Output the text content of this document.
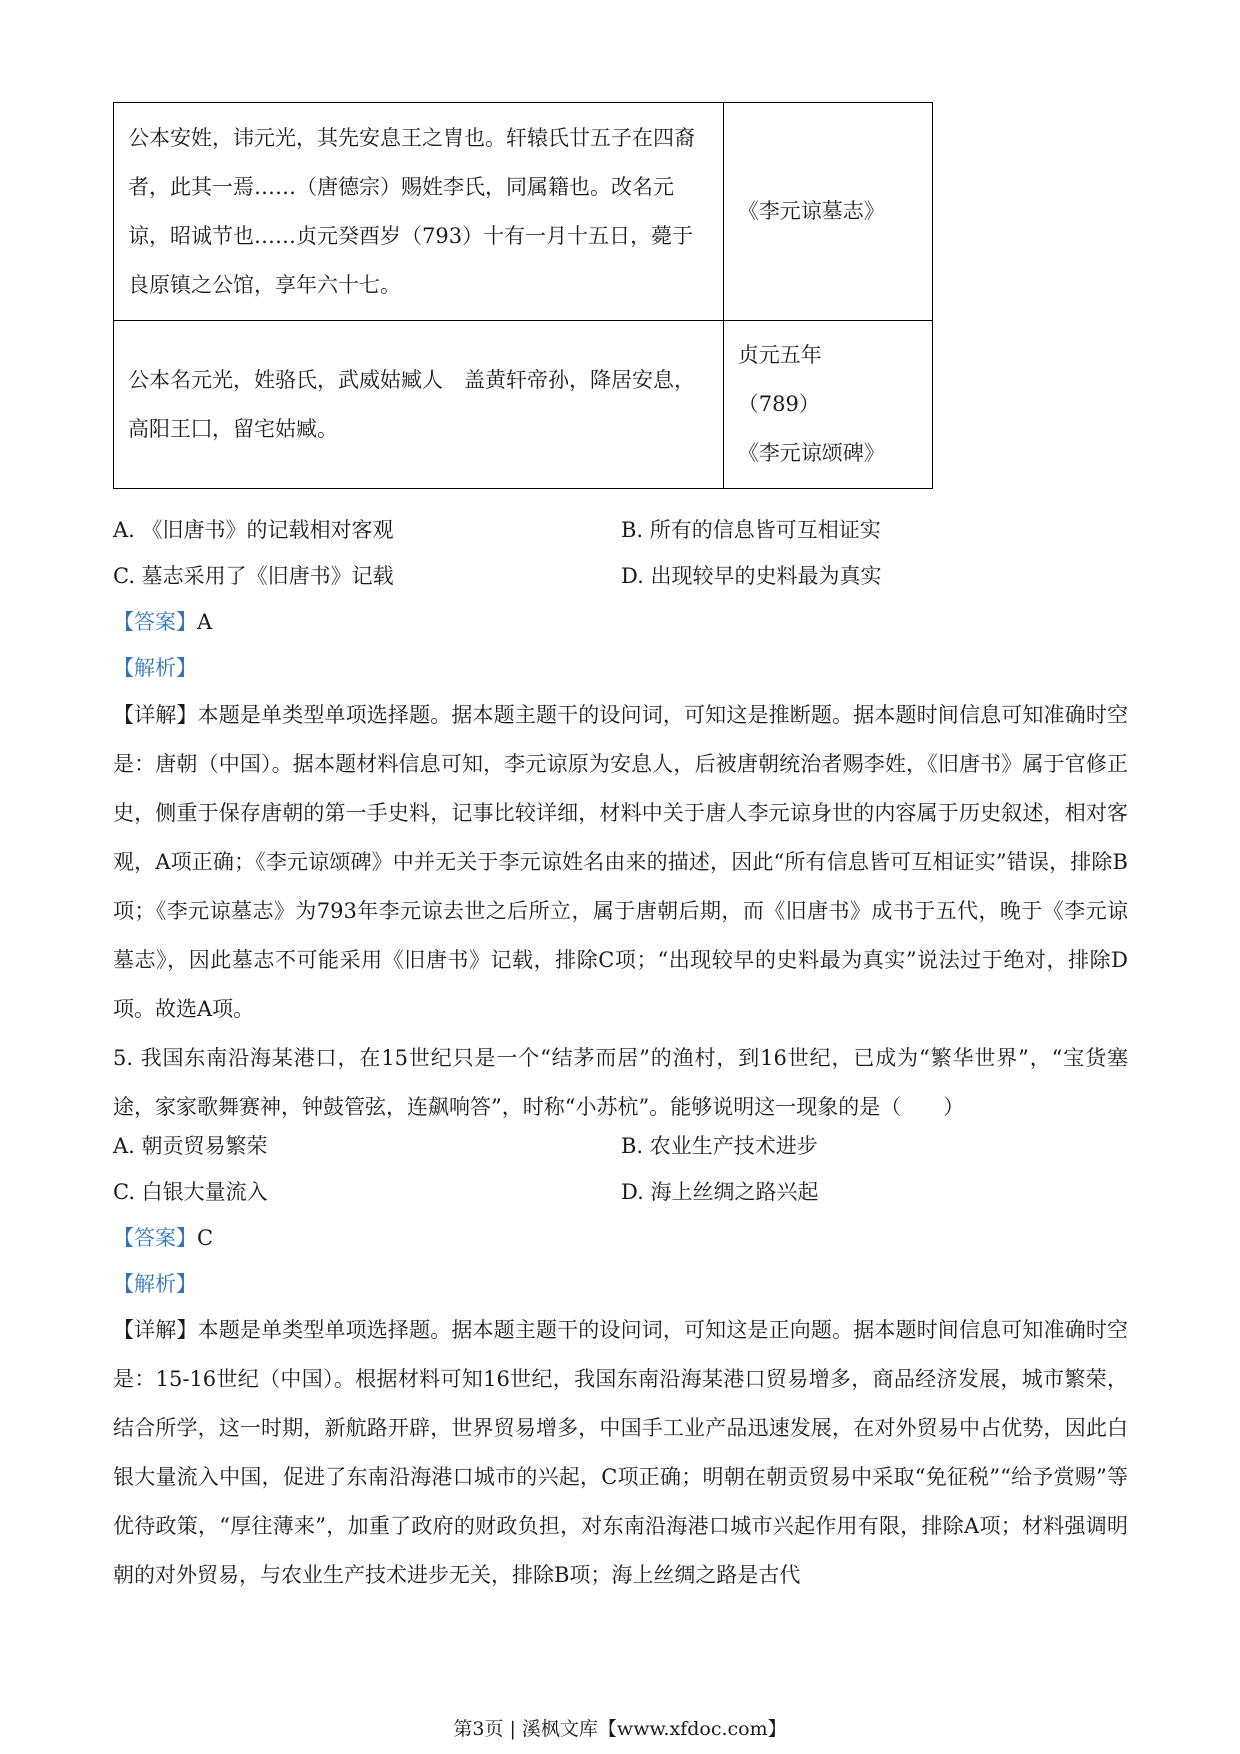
公本安姓，讳元光，其先安息王之胄也。轩辕氏廿五子在四裔者，此其一焉……（唐德宗）赐姓李氏，同属籍也。改名元谅，昭诚节也……贞元癸酉岁（793）十有一月十五日，薨于良原镇之公馆，享年六十七。	《李元谅墓志》

公本名元光，姓骆氏，武威姑臧人　盖黄轩帝孙，降居安息，高阳王囗，留宅姑臧。	贞元五年
（789）
《李元谅颂碑》
A. 《旧唐书》的记载相对客观	B. 所有的信息皆可互相证实
C. 墓志采用了《旧唐书》记载	D. 出现较早的史料最为真实
【答案】A
【解析】
【详解】本题是单类型单项选择题。据本题主题干的设问词，可知这是推断题。据本题时间信息可知准确时空是：唐朝（中国）。据本题材料信息可知，李元谅原为安息人，后被唐朝统治者赐李姓，《旧唐书》属于官修正史，侧重于保存唐朝的第一手史料，记事比较详细，材料中关于唐人李元谅身世的内容属于历史叙述，相对客观，A项正确；《李元谅颂碑》中并无关于李元谅姓名由来的描述，因此“所有信息皆可互相证实”错误，排除B项；《李元谅墓志》为793年李元谅去世之后所立，属于唐朝后期，而《旧唐书》成书于五代，晚于《李元谅墓志》，因此墓志不可能采用《旧唐书》记载，排除C项；“出现较早的史料最为真实”说法过于绝对，排除D项。故选A项。
5. 我国东南沿海某港口，在15世纪只是一个“结茅而居”的渔村，到16世纪，已成为“繁华世界”，“宝货塞途，家家歌舞赛神，钟鼓管弦，连飙响答”，时称“小苏杭”。能够说明这一现象的是（　　）
A. 朝贡贸易繁荣	B. 农业生产技术进步
C. 白银大量流入	D. 海上丝绸之路兴起
【答案】C
【解析】
【详解】本题是单类型单项选择题。据本题主题干的设问词，可知这是正向题。据本题时间信息可知准确时空是：15-16世纪（中国）。根据材料可知16世纪，我国东南沿海某港口贸易增多，商品经济发展，城市繁荣，结合所学，这一时期，新航路开辟，世界贸易增多，中国手工业产品迅速发展，在对外贸易中占优势，因此白银大量流入中国，促进了东南沿海港口城市的兴起，C项正确；明朝在朝贡贸易中采取“免征税”“给予赏赐”等优待政策，“厚往薄来”，加重了政府的财政负担，对东南沿海港口城市兴起作用有限，排除A项；材料强调明朝的对外贸易，与农业生产技术进步无关，排除B项；海上丝绸之路是古代
第3页 | 溪枫文库【www.xfdoc.com】
